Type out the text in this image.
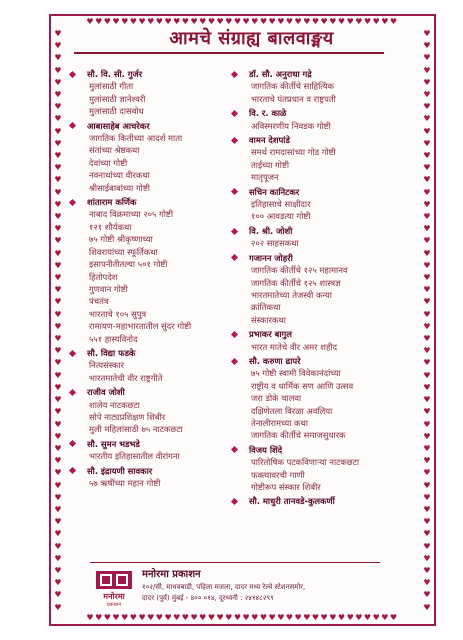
♥♥♥♥♥♥♥♥♥♥♥♥♥♥♥♥♥♥♥♥♥♥♥♥♥♥♥♥♥♥♥♥♥♥♥♥
♥♥♥♥♥♥♥♥♥♥♥♥♥♥♥♥♥♥♥♥♥♥♥♥♥♥♥♥♥♥♥♥♥♥♥♥
♥♥♥♥♥♥♥♥♥♥♥♥♥♥♥♥♥♥♥♥♥♥♥♥♥♥♥♥♥♥♥♥♥♥♥♥♥♥♥♥♥♥♥♥♥♥♥♥
♥♥♥♥♥♥♥♥♥♥♥♥♥♥♥♥♥♥♥♥♥♥♥♥♥♥♥♥♥♥♥♥♥♥♥♥♥♥♥♥♥♥♥♥♥♥♥♥
आमचे संग्राह्य बालवाङ्मय
सौ. वि. सी. गुर्जर
मुलांसाठी गीता
मुलांसाठी ज्ञानेश्वरी
मुलांसाठी दासबोध
आबासाहेब आचरेकर
जागतिक कितीच्या आदर्श माता
संतांच्या श्रेष्ठकथा
देवांच्या गोष्टी
नवनाथांच्या वीरकथा
श्रीसाईबाबांच्या गोष्टी
शांताराम कर्णिक
नाबाद विक्रमाच्या २०५ गोष्टी
१२१ शौर्यकथा
७५ गोष्टी श्रीकृष्णाच्या
शिवरायांच्या स्फूर्तिकथा
इसापनीतीतल्या ५०१ गोष्टी
हितोपदेश
गुणवान गोष्टी
पंचतंत्र
भारताचे १०५ सुपुत्र
रामायण-महाभारतातील सुंदर गोष्टी
५५१ हास्यविनोद
सौ. विद्या फडके
नित्यसंस्कार
भारतमातेची वीर राष्ट्रगीते
राजीव जोशी
शालेय नाटकछटा
सोपे नाट्यप्रशिक्षण शिबीर
मुली महिलांसाठी ७५ नाटकछटा
सौ. सुमन भडभडे
भारतीय इतिहासातील वीरांगना
सौ. इंद्रायणी सावकार
५७ ऋषींच्या महान गोष्टी
डॉ. सौ. अनुराधा गद्रे
जागतिक कीर्तीचे साहित्यिक
भारताचे पंतप्रधान व राष्ट्रपती
वि. र. काळे
अविस्मरणीय निवडक गोष्टी
वामन देशपांडे
समर्थ रामदासांच्या गोड गोष्टी
ताईच्या गोष्टी
मातृपूजन
सचिन कानिटकर
इतिहासाचे साक्षीदार
१०० आवडत्या गोष्टी
वि. श्री. जोशी
२०२ साहसकथा
गजानन जोहरी
जागतिक कीर्तीचे १२५ महामानव
जागतिक कीर्तीचे १२५ शास्त्रज्ञ
भारतमातेच्या तेजस्वी कन्या
क्रांतिकथा
संस्कारकथा
प्रभाकर बागुल
भारत मातेचे वीर अमर शहीद
सौ. करुणा ढापरे
७५ गोष्टी स्वामी विवेकानंदांच्या
राष्ट्रीय व धार्मिक सण आणि उत्सव
जरा डोके चालवा
दक्षिणेतला विरळा अवलिया
तेनालीरामच्या कथा
जागतिक कीर्तीचे समाजसुधारक
विजय शिंदे
पारितोषिक पटकविणाऱ्या नाटकछटा
फक्त्यावरची गाणी
गोष्टीरूप संस्कार शिबीर
सौ. माधुरी तानवडे-कुलकर्णी
मनोरमा
प्रकाशन
मनोरमा प्रकाशन
१०२/सी, माधवबाडी, पहिला मजला, दादर मध्य रेल्वे स्टेशनसमोर,
दादर (पूर्व) मुंबई - ४०० ०१४, दूरध्वनी : २४१४८२९९
